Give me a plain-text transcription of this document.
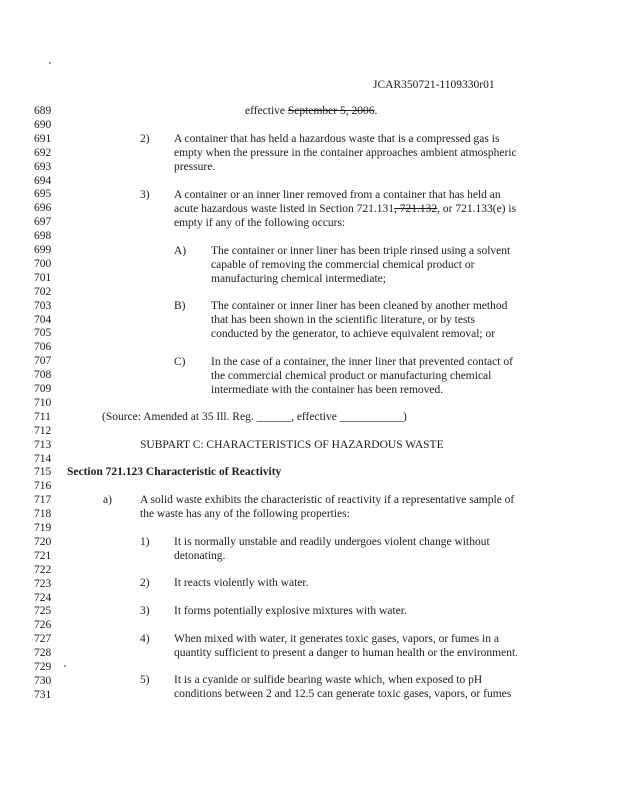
JCAR350721-1109330r01
689
690
691
692
693
694
695
696
697
698
699
700
701
702
703
704
705
706
707
708
709
710
711
712
713
714
715
716
717
718
719
720
721
722
723
724
725
726
727
728
729
730
731
effective September 5, 2006.
2) A container that has held a hazardous waste that is a compressed gas is
empty when the pressure in the container approaches ambient atmospheric
pressure.
3) A container or an inner liner removed from a container that has held an
acute hazardous waste listed in Section 721.131, 721.132, or 721.133(e) is
empty if any of the following occurs:
A) The container or inner liner has been triple rinsed using a solvent
capable of removing the commercial chemical product or
manufacturing chemical intermediate;
B) The container or inner liner has been cleaned by another method
that has been shown in the scientific literature, or by tests
conducted by the generator, to achieve equivalent removal; or
C) In the case of a container, the inner liner that prevented contact of
the commercial chemical product or manufacturing chemical
intermediate with the container has been removed.
(Source: Amended at 35 Ill. Reg. ______, effective ___________)
SUBPART C: CHARACTERISTICS OF HAZARDOUS WASTE
Section 721.123 Characteristic of Reactivity
a) A solid waste exhibits the characteristic of reactivity if a representative sample of
the waste has any of the following properties:
1) It is normally unstable and readily undergoes violent change without
detonating.
2) It reacts violently with water.
3) It forms potentially explosive mixtures with water.
4) When mixed with water, it generates toxic gases, vapors, or fumes in a
quantity sufficient to present a danger to human health or the environment.
5) It is a cyanide or sulfide bearing waste which, when exposed to pH
conditions between 2 and 12.5 can generate toxic gases, vapors, or fumes
